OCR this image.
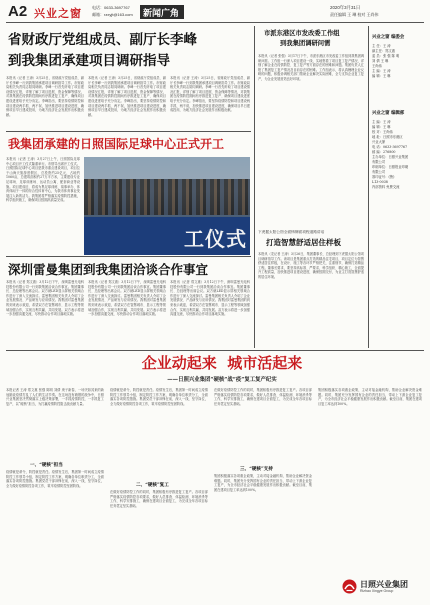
A2 兴业之窗	电话：0633-3697767
邮箱：rzxyjt@163.com 新闻广角
2020年3月31日
责任编辑 王 琳 校对 王尚伟
省财政厅党组成员、副厅长李峰
到我集团承建项目调研指导
本报讯（记者 王涛）3月25日，省财政厅党组成员、副厅长李峰一行到我集团承建项目调研指导工作。市财政局相关负责同志陪同调研。李峰一行首先听取了项目建设情况汇报，详细了解了项目进展、资金保障等情况，对我集团在疫情防控期间有序推进复工复产、确保项目建设进度给予充分肯定。李峰指出，要坚持疫情防控和项目建设两手抓、两不误，加快推进项目建设进度，确保项目早日建成投用，为地方经济社会发展作出积极贡献。
本报讯（记者 王涛）3月25日，省财政厅党组成员、副厅长李峰一行到我集团承建项目调研指导工作。市财政局相关负责同志陪同调研。李峰一行首先听取了项目建设情况汇报，详细了解了项目进展、资金保障等情况，对我集团在疫情防控期间有序推进复工复产、确保项目建设进度给予充分肯定。李峰指出，要坚持疫情防控和项目建设两手抓、两不误，加快推进项目建设进度，确保项目早日建成投用，为地方经济社会发展作出积极贡献。
本报讯（记者 王涛）3月25日，省财政厅党组成员、副厅长李峰一行到我集团承建项目调研指导工作。市财政局相关负责同志陪同调研。李峰一行首先听取了项目建设情况汇报，详细了解了项目进展、资金保障等情况，对我集团在疫情防控期间有序推进复工复产、确保项目建设进度给予充分肯定。李峰指出，要坚持疫情防控和项目建设两手抓、两不误，加快推进项目建设进度，确保项目早日建成投用，为地方经济社会发展作出积极贡献。
我集团承建的日照国际足球中心正式开工
本报讯（记者 王涛）3月27日上午，日照国际足球中心项目开工仪式隆重举行。市领导出席开工仪式。日照国际足球中心项目是我市重点建设项目，项目位于山海天旅游度假区，总投资约25亿元，占地约1060亩，总建筑面积约27万平方米，主要建设专业足球场、足球训练场、运动员公寓、配套商业等设施。项目建成后，将成为集足球训练、赛事举办、体育休闲于一体的综合性体育中心，为我市体育事业发展注入新的活力。我集团将严格落实疫情防控措施，科学组织施工，确保项目按期高质量完成。
工仪式
深圳雷曼集团到我集团洽谈合作事宜
本报讯（记者 郑文惠）3月12日下午，深圳雷曼光电科技股份有限公司一行到我集团洽谈合作事宜。集团董事长、总经理等出席会议。双方就LED显示屏相关领域合作进行了深入交流探讨。雷曼集团相关负责人介绍了企业发展情况、产品研发与应用情况。我集团对雷曼集团的到来表示欢迎，希望双方在智慧城市、显示工程等领域加强合作，实现互利共赢，共同发展。双方表示将进一步加强沟通交流，尽快推动合作项目落地实施。
本报讯（记者 郑文惠）3月12日下午，深圳雷曼光电科技股份有限公司一行到我集团洽谈合作事宜。集团董事长、总经理等出席会议。双方就LED显示屏相关领域合作进行了深入交流探讨。雷曼集团相关负责人介绍了企业发展情况、产品研发与应用情况。我集团对雷曼集团的到来表示欢迎，希望双方在智慧城市、显示工程等领域加强合作，实现互利共赢，共同发展。双方表示将进一步加强沟通交流，尽快推动合作项目落地实施。
本报讯（记者 郑文惠）3月12日下午，深圳雷曼光电科技股份有限公司一行到我集团洽谈合作事宜。集团董事长、总经理等出席会议。双方就LED显示屏相关领域合作进行了深入交流探讨。雷曼集团相关负责人介绍了企业发展情况、产品研发与应用情况。我集团对雷曼集团的到来表示欢迎，希望双方在智慧城市、显示工程等领域加强合作，实现互利共赢，共同发展。双方表示将进一步加强沟通交流，尽快推动合作项目落地实施。
市派东港区市发改委工作组
到我集团调研问需
本报讯（记者 张强）3月17日下午，市派东港区市发改委工作组到我集团调研问需。工作组一行深入项目建设一线，实地察看了项目复工复产情况，详细了解企业在疫情防控、复工复产等方面存在的困难和问题。集团负责人汇报了集团复工复产情况及目前存在的困难。工作组表示，将认真梳理企业反映的问题，积极协调相关部门帮助企业解决实际困难，全力支持企业复工复产，为企业发展营造良好环境。
下虎据太阳公馆全面铸牌面项程道路讲话
打造智慧舒适居住样板
本报讯（龙记者 王涛）3月26日，集团董事长、总经理到下虎据太阳公馆项目调研指导工作。该项目是集团重点打造的精品住宅项目，项目定位为智慧舒适居住样板，在设计、施工等各环节严格把关，注重细节，确保打造精品工程。董事长要求，要坚持高标准、严要求，科学组织、精心施工，全面提升工程质量，加快推进项目建设进度，确保按期交付，为业主打造智慧舒适的居住环境。
兴业之窗 编委会
主 任：王 涛
副主任：郑文惠
委 员：张 强 陈 明
刘 倩 王 琳
王尚伟
主 编：王 涛
编 辑：王 琳
兴业之窗 编辑部
主 编：王 涛
编 辑：王 琳
校 对：王尚伟
地 址：日照市东港区
兴业大厦
电 话：0633-3697767
邮 编：276800
主办单位：日照兴业集团
有限公司
印刷单位：日照报业印刷
有限公司
准印证号：(鲁)
L13-0038
内部资料 免费交流
企业动起来  城市活起来
——日照兴业集团“硬核”战“疫”复工复产纪实
本报记者 王涛 郑文惠 张强 陈明 刘倩 庚子新春，一场突如其来的新冠肺炎疫情打乱了人们的生活节奏。在这场没有硝烟的战争中，日照兴业集团坚决贯彻落实上级决策部署，一手抓疫情防控，一手抓复工复产，以“硬核”担当，为打赢疫情防控阻击战贡献力量。
一、“硬核”担当
疫情就是命令，防控就是责任。疫情发生后，集团第一时间成立疫情防控工作领导小组，制定防控工作方案，明确各单位职责分工，全面落实各项防控措施。集团党员干部冲锋在前，深入一线，坚守岗位，全力做好疫情防控各项工作，筑牢疫情防控坚固防线。
疫情就是命令，防控就是责任。疫情发生后，集团第一时间成立疫情防控工作领导小组，制定防控工作方案，明确各单位职责分工，全面落实各项防控措施。集团党员干部冲锋在前，深入一线，坚守岗位，全力做好疫情防控各项工作，筑牢疫情防控坚固防线。
二、“硬核”复工
在做好疫情防控工作的同时，集团积极有序推进复工复产。各项目部严格落实疫情防控各项要求，做好人员排查、体温检测、环境消杀等工作，科学安排施工，确保在建项目全面复工，为完成全年各项目标任务奠定坚实基础。
在做好疫情防控工作的同时，集团积极有序推进复工复产。各项目部严格落实疫情防控各项要求，做好人员排查、体温检测、环境消杀等工作，科学安排施工，确保在建项目全面复工，为完成全年各项目标任务奠定坚实基础。
三、“硬核”支持
集团积极落实各项惠企政策，主动对接金融机构，帮助企业解决资金难题。同时，集团充分发挥国有企业的责任担当，带动上下游企业复工复产，为全市经济社会平稳健康发展作出积极贡献。截至目前，集团在建项目复工率达到100%。
集团积极落实各项惠企政策，主动对接金融机构，帮助企业解决资金难题。同时，集团充分发挥国有企业的责任担当，带动上下游企业复工复产，为全市经济社会平稳健康发展作出积极贡献。截至目前，集团在建项目复工率达到100%。
日照兴业集团
Rizhao Xingye Group
